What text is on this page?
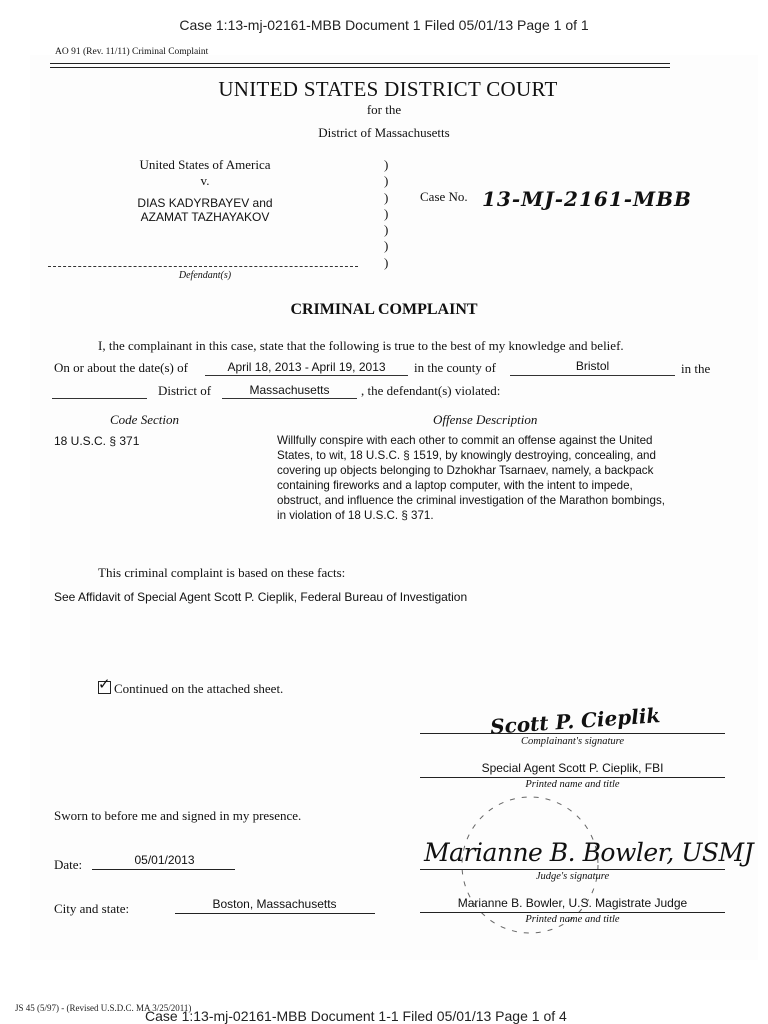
Case 1:13-mj-02161-MBB Document 1 Filed 05/01/13 Page 1 of 1
AO 91 (Rev. 11/11) Criminal Complaint
UNITED STATES DISTRICT COURT
for the
District of Massachusetts
United States of America
v.
DIAS KADYRBAYEV and
AZAMAT TAZHAYAKOV
Defendant(s)
)
)
)
)
)
)
)
Case No. 13-MJ-2161-MBB
CRIMINAL COMPLAINT
I, the complainant in this case, state that the following is true to the best of my knowledge and belief.
On or about the date(s) of	April 18, 2013 - April 19, 2013	in the county of	Bristol	in the
District of	Massachusetts	, the defendant(s) violated:
Code Section	Offense Description
18 U.S.C. § 371	Willfully conspire with each other to commit an offense against the United
States, to wit, 18 U.S.C. § 1519, by knowingly destroying, concealing, and
covering up objects belonging to Dzhokhar Tsarnaev, namely, a backpack
containing fireworks and a laptop computer, with the intent to impede,
obstruct, and influence the criminal investigation of the Marathon bombings,
in violation of 18 U.S.C. § 371.
This criminal complaint is based on these facts:
See Affidavit of Special Agent Scott P. Cieplik, Federal Bureau of Investigation
✓ Continued on the attached sheet.
Scott P. Cieplik
Complainant's signature
Special Agent Scott P. Cieplik, FBI
Printed name and title
Sworn to before me and signed in my presence.
Date:	05/01/2013	Marianne B. Bowler, USMJ
Judge's signature
City and state:	Boston, Massachusetts	Marianne B. Bowler, U.S. Magistrate Judge
Printed name and title
JS 45 (5/97) - (Revised U.S.D.C. MA 3/25/2011)
Case 1:13-mj-02161-MBB Document 1-1 Filed 05/01/13 Page 1 of 4
